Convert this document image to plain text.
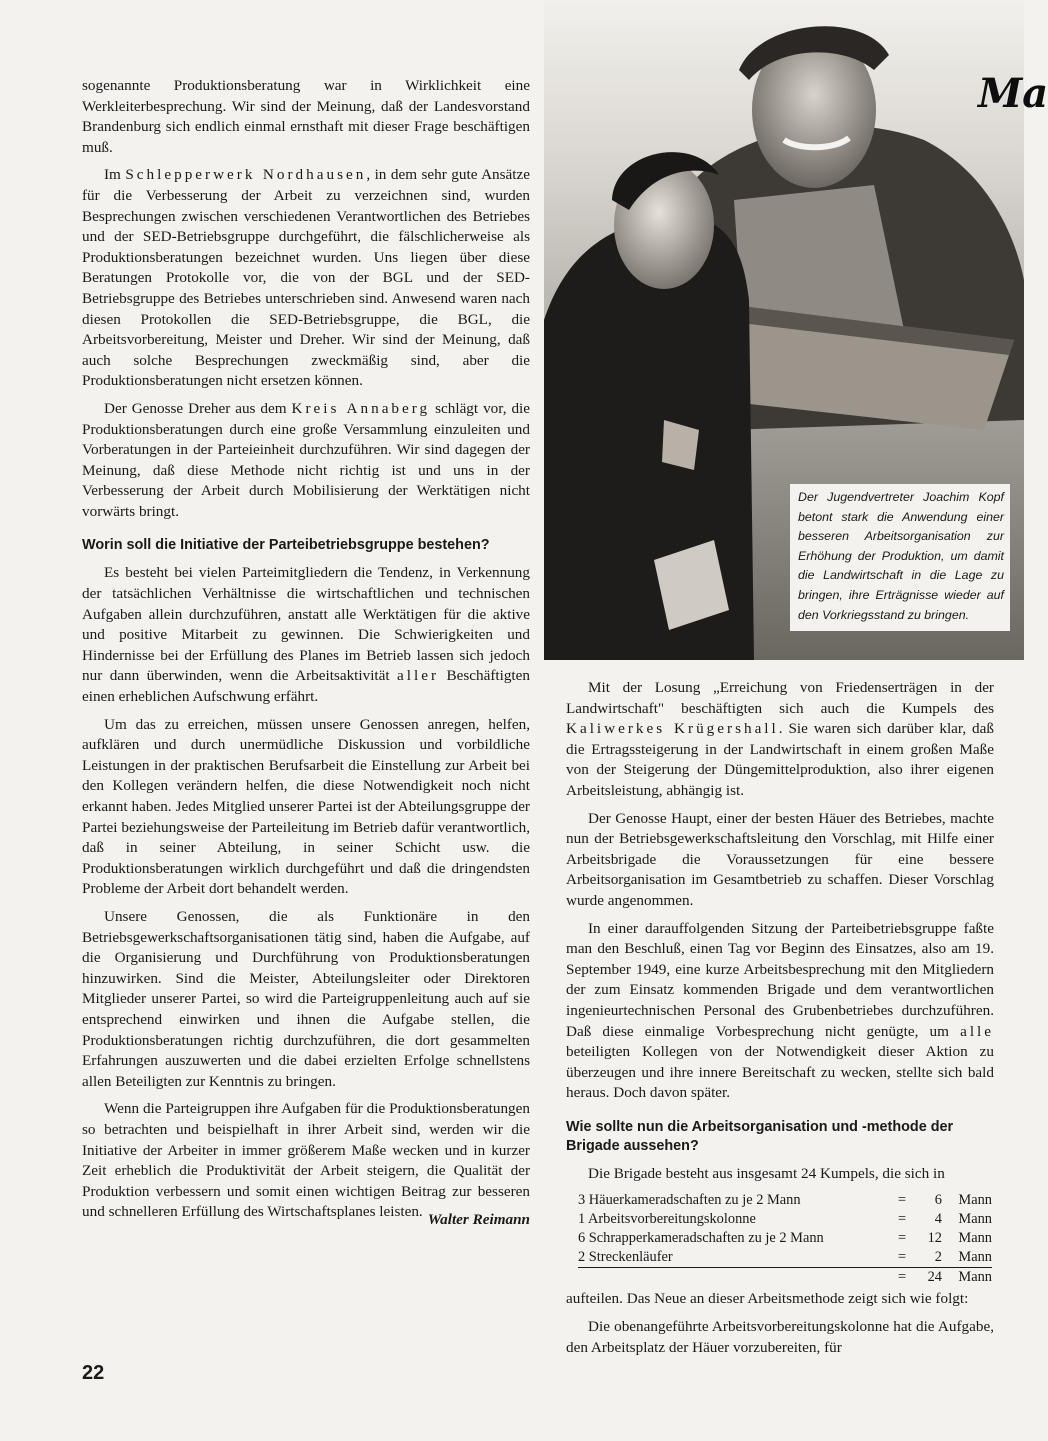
sogenannte Produktionsberatung war in Wirklichkeit eine Werkleiterbesprechung. Wir sind der Meinung, daß der Landesvorstand Brandenburg sich endlich einmal ernsthaft mit dieser Frage beschäftigen muß.

Im Schlepperwerk Nordhausen, in dem sehr gute Ansätze für die Verbesserung der Arbeit zu verzeichnen sind, wurden Besprechungen zwischen verschiedenen Verantwortlichen des Betriebes und der SED-Betriebsgruppe durchgeführt, die fälschlicherweise als Produktionsberatungen bezeichnet wurden. Uns liegen über diese Beratungen Protokolle vor, die von der BGL und der SED-Betriebsgruppe des Betriebes unterschrieben sind. Anwesend waren nach diesen Protokollen die SED-Betriebsgruppe, die BGL, die Arbeitsvorbereitung, Meister und Dreher. Wir sind der Meinung, daß auch solche Besprechungen zweckmäßig sind, aber die Produktionsberatungen nicht ersetzen können.

Der Genosse Dreher aus dem Kreis Annaberg schlägt vor, die Produktionsberatungen durch eine große Versammlung einzuleiten und Vorberatungen in der Parteieinheit durchzuführen. Wir sind dagegen der Meinung, daß diese Methode nicht richtig ist und uns in der Verbesserung der Arbeit durch Mobilisierung der Werktätigen nicht vorwärts bringt.

Worin soll die Initiative der Parteibetriebsgruppe bestehen?

Es besteht bei vielen Parteimitgliedern die Tendenz, in Verkennung der tatsächlichen Verhältnisse die wirtschaftlichen und technischen Aufgaben allein durchzuführen, anstatt alle Werktätigen für die aktive und positive Mitarbeit zu gewinnen. Die Schwierigkeiten und Hindernisse bei der Erfüllung des Planes im Betrieb lassen sich jedoch nur dann überwinden, wenn die Arbeitsaktivität aller Beschäftigten einen erheblichen Aufschwung erfährt.

Um das zu erreichen, müssen unsere Genossen anregen, helfen, aufklären und durch unermüdliche Diskussion und vorbildliche Leistungen in der praktischen Berufsarbeit die Einstellung zur Arbeit bei den Kollegen verändern helfen, die diese Notwendigkeit noch nicht erkannt haben. Jedes Mitglied unserer Partei ist der Abteilungsgruppe der Partei beziehungsweise der Parteileitung im Betrieb dafür verantwortlich, daß in seiner Abteilung, in seiner Schicht usw. die Produktionsberatungen wirklich durchgeführt und daß die dringendsten Probleme der Arbeit dort behandelt werden.

Unsere Genossen, die als Funktionäre in den Betriebsgewerkschaftsorganisationen tätig sind, haben die Aufgabe, auf die Organisierung und Durchführung von Produktionsberatungen hinzuwirken. Sind die Meister, Abteilungsleiter oder Direktoren Mitglieder unserer Partei, so wird die Parteigruppenleitung auch auf sie entsprechend einwirken und ihnen die Aufgabe stellen, die Produktionsberatungen richtig durchzuführen, die dort gesammelten Erfahrungen auszuwerten und die dabei erzielten Erfolge schnellstens allen Beteiligten zur Kenntnis zu bringen.

Wenn die Parteigruppen ihre Aufgaben für die Produktionsberatungen so betrachten und beispielhaft in ihrer Arbeit sind, werden wir die Initiative der Arbeiter in immer größerem Maße wecken und in kurzer Zeit erheblich die Produktivität der Arbeit steigern, die Qualität der Produktion verbessern und somit einen wichtigen Beitrag zur besseren und schnelleren Erfüllung des Wirtschaftsplanes leisten. Walter Reimann
Ma
Der Jugendvertreter Joachim Kopf betont stark die Anwendung einer besseren Arbeitsorganisation zur Erhöhung der Produktion, um damit die Landwirtschaft in die Lage zu bringen, ihre Erträgnisse wieder auf den Vorkriegsstand zu bringen.

Mit der Losung „Erreichung von Friedenserträgen in der Landwirtschaft" beschäftigten sich auch die Kumpels des Kaliwerkes Krügershall. Sie waren sich darüber klar, daß die Ertragssteigerung in der Landwirtschaft in einem großen Maße von der Steigerung der Düngemittelproduktion, also ihrer eigenen Arbeitsleistung, abhängig ist.

Der Genosse Haupt, einer der besten Häuer des Betriebes, machte nun der Betriebsgewerkschaftsleitung den Vorschlag, mit Hilfe einer Arbeitsbrigade die Voraussetzungen für eine bessere Arbeitsorganisation im Gesamtbetrieb zu schaffen. Dieser Vorschlag wurde angenommen.

In einer darauffolgenden Sitzung der Parteibetriebsgruppe faßte man den Beschluß, einen Tag vor Beginn des Einsatzes, also am 19. September 1949, eine kurze Arbeitsbesprechung mit den Mitgliedern der zum Einsatz kommenden Brigade und dem verantwortlichen ingenieurtechnischen Personal des Grubenbetriebes durchzuführen. Daß diese einmalige Vorbesprechung nicht genügte, um alle beteiligten Kollegen von der Notwendigkeit dieser Aktion zu überzeugen und ihre innere Bereitschaft zu wecken, stellte sich bald heraus. Doch davon später.

Wie sollte nun die Arbeitsorganisation und -methode der Brigade aussehen?

Die Brigade besteht aus insgesamt 24 Kumpels, die sich in

3 Häuerkameradschaften zu je 2 Mann	=	6	Mann
1 Arbeitsvorbereitungskolonne	=	4	Mann
6 Schrapperkameradschaften zu je 2 Mann	=	12	Mann
2 Streckenläufer	=	2	Mann
	=	24	Mann

aufteilen. Das Neue an dieser Arbeitsmethode zeigt sich wie folgt:

Die obenangeführte Arbeitsvorbereitungskolonne hat die Aufgabe, den Arbeitsplatz der Häuer vorzubereiten, für

22
